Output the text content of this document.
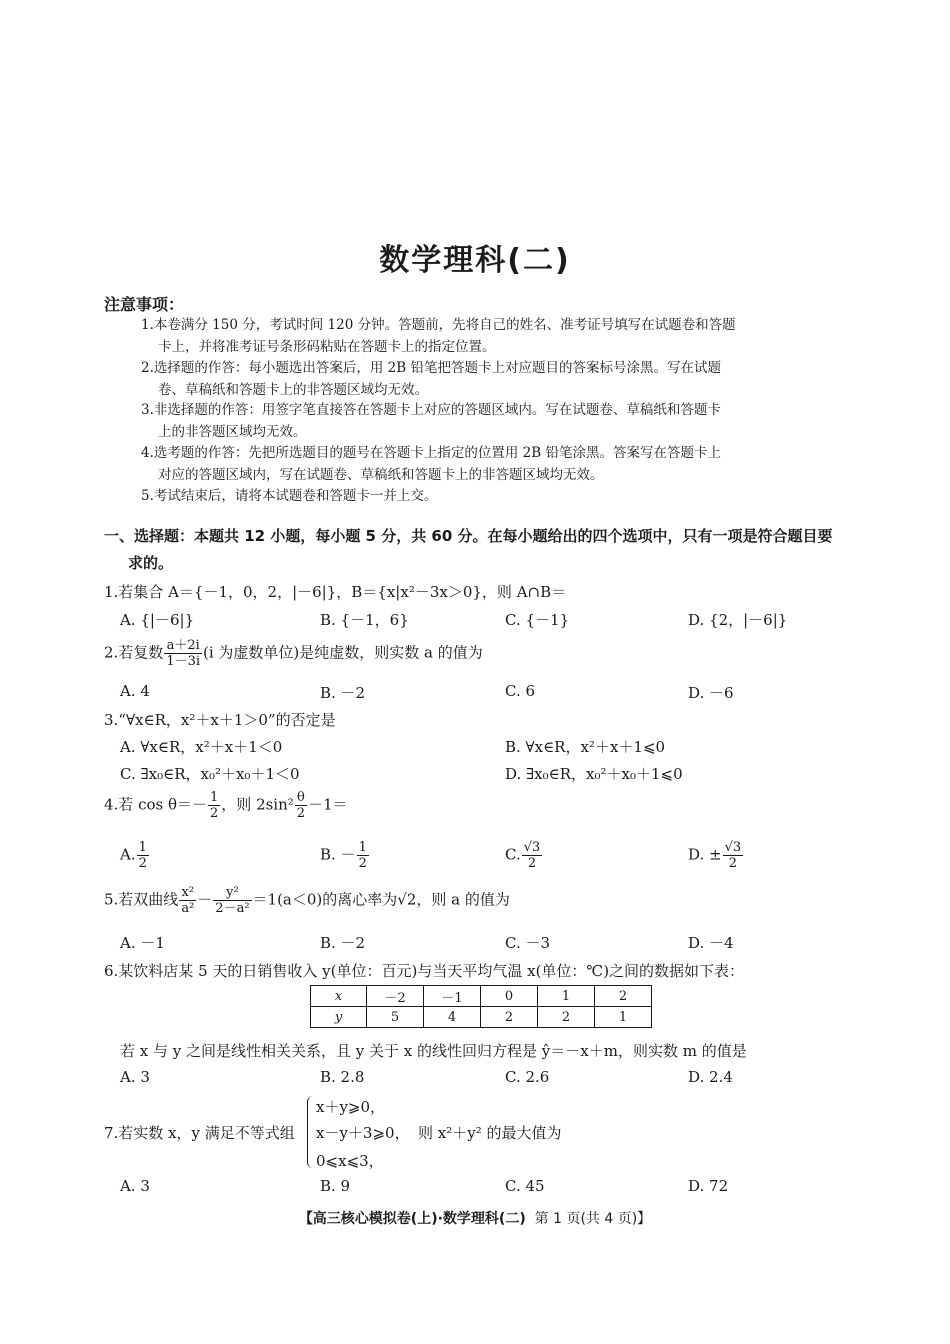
数学理科(二)
注意事项：
1.本卷满分 150 分，考试时间 120 分钟。答题前，先将自己的姓名、准考证号填写在试题卷和答题
卡上，并将准考证号条形码粘贴在答题卡上的指定位置。
2.选择题的作答：每小题选出答案后，用 2B 铅笔把答题卡上对应题目的答案标号涂黑。写在试题
卷、草稿纸和答题卡上的非答题区域均无效。
3.非选择题的作答：用签字笔直接答在答题卡上对应的答题区域内。写在试题卷、草稿纸和答题卡
上的非答题区域均无效。
4.选考题的作答：先把所选题目的题号在答题卡上指定的位置用 2B 铅笔涂黑。答案写在答题卡上
对应的答题区域内，写在试题卷、草稿纸和答题卡上的非答题区域均无效。
5.考试结束后，请将本试题卷和答题卡一并上交。
一、选择题：本题共 12 小题，每小题 5 分，共 60 分。在每小题给出的四个选项中，只有一项是符合题目要
求的。
1.若集合 A＝{－1，0，2，|－6|}，B＝{x|x²－3x＞0}，则 A∩B＝
A. {|－6|}	B. {－1，6}	C. {－1}	D. {2，|－6|}
2.若复数 $\frac{a+2i}{1-3i} (i$ 为虚数单位)是纯虚数，则实数 a 的值为
A. 4	B. －2	C. 6	D. －6
3.“∀x∈R，x²＋x＋1＞0”的否定是
A. ∀x∈R，x²＋x＋1＜0	B. ∀x∈R，x²＋x＋1⩽0
C. ∃x₀∈R，x₀²＋x₀＋1＜0	D. ∃x₀∈R，x₀²＋x₀＋1⩽0
4.若 $\cos \theta=- \frac{1}{2}$ ，则 $2\sin^2 \frac{\theta}{2} -1=$
A. $\frac{1}{2}$	B. － $\frac{1}{2}$	C. $\frac{√3}{2}$	D. ± $\frac{√3}{2}$
5.若双曲线 $\frac{\text{x²}}{\text{a²}} - \frac{\text{y²}}{\text{2－a²}} =1(a<0)$的离心率为√2，则 a 的值为
A. －1	B. －2	C. －3	D. －4
6.某饮料店某 5 天的日销售收入 y(单位：百元)与当天平均气温 x(单位：℃)之间的数据如下表：
x	－2	－1	0	1	2
y	5	4	2	2	1
若 x 与 y 之间是线性相关关系，且 y 关于 x 的线性回归方程是 ŷ＝－x＋m，则实数 m 的值是
A. 3	B. 2.8	C. 2.6	D. 2.4
7.若实数 x，y 满足不等式组
x＋y⩾0，
x－y＋3⩾0，
0⩽x⩽3，
则 x²＋y² 的最大值为
A. 3	B. 9	C. 45	D. 72
【高三核心模拟卷(上)·数学理科(二) 第 1 页(共 4 页)】
